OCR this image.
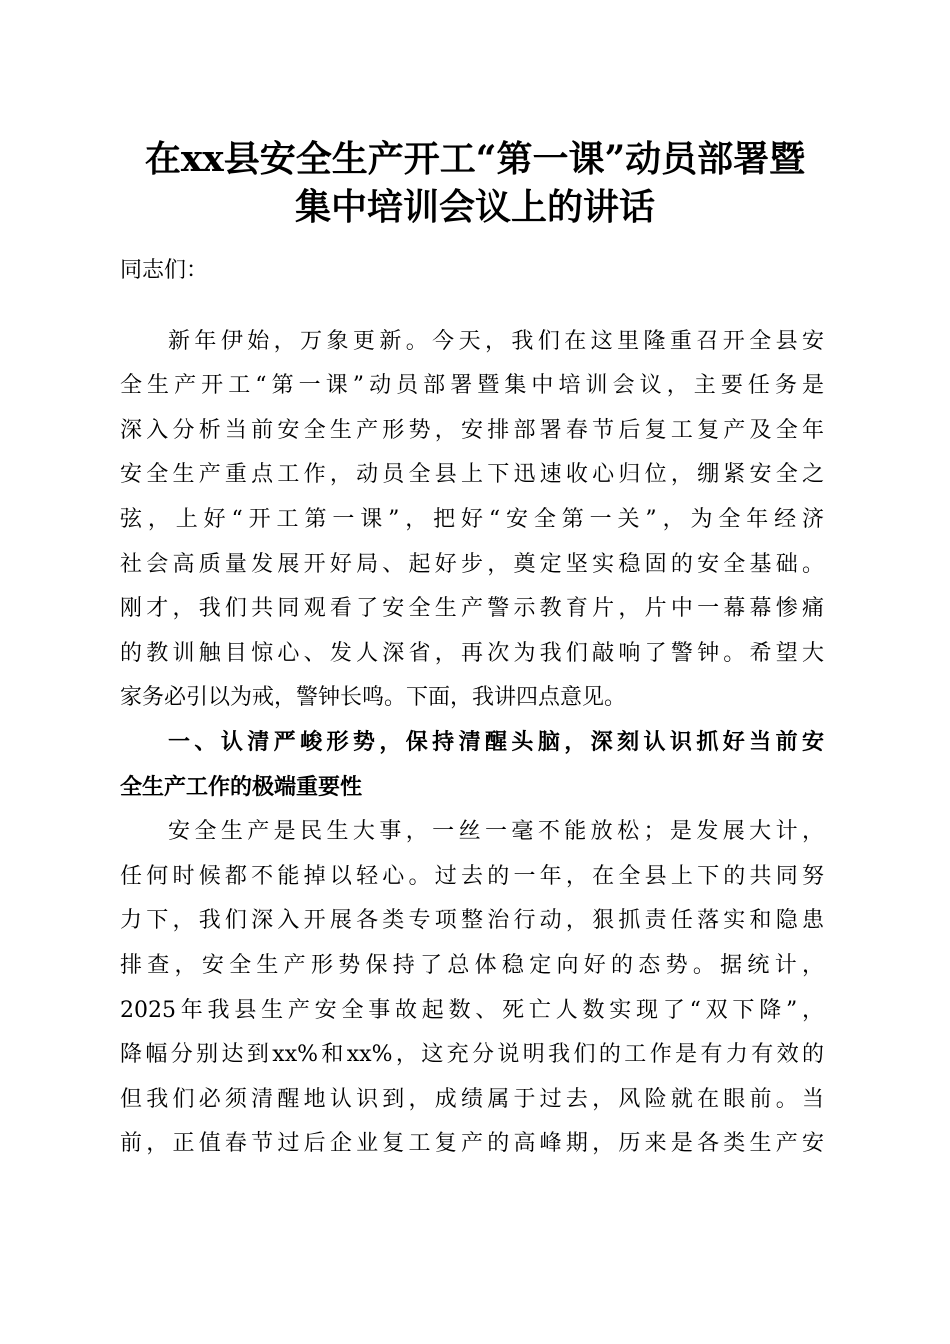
在xx县安全生产开工“第一课”动员部署暨
集中培训会议上的讲话
同志们：
新年伊始，万象更新。今天，我们在这里隆重召开全县安
全生产开工“第一课”动员部署暨集中培训会议，主要任务是
深入分析当前安全生产形势，安排部署春节后复工复产及全年
安全生产重点工作，动员全县上下迅速收心归位，绷紧安全之
弦，上好“开工第一课”，把好“安全第一关”，为全年经济
社会高质量发展开好局、起好步，奠定坚实稳固的安全基础。
刚才，我们共同观看了安全生产警示教育片，片中一幕幕惨痛
的教训触目惊心、发人深省，再次为我们敲响了警钟。希望大
家务必引以为戒，警钟长鸣。下面，我讲四点意见。
一、认清严峻形势，保持清醒头脑，深刻认识抓好当前安
全生产工作的极端重要性
安全生产是民生大事，一丝一毫不能放松；是发展大计，
任何时候都不能掉以轻心。过去的一年，在全县上下的共同努
力下，我们深入开展各类专项整治行动，狠抓责任落实和隐患
排查，安全生产形势保持了总体稳定向好的态势。据统计，
2025年我县生产安全事故起数、死亡人数实现了“双下降”，
降幅分别达到xx%和xx%，这充分说明我们的工作是有力有效的
但我们必须清醒地认识到，成绩属于过去，风险就在眼前。当
前，正值春节过后企业复工复产的高峰期，历来是各类生产安
